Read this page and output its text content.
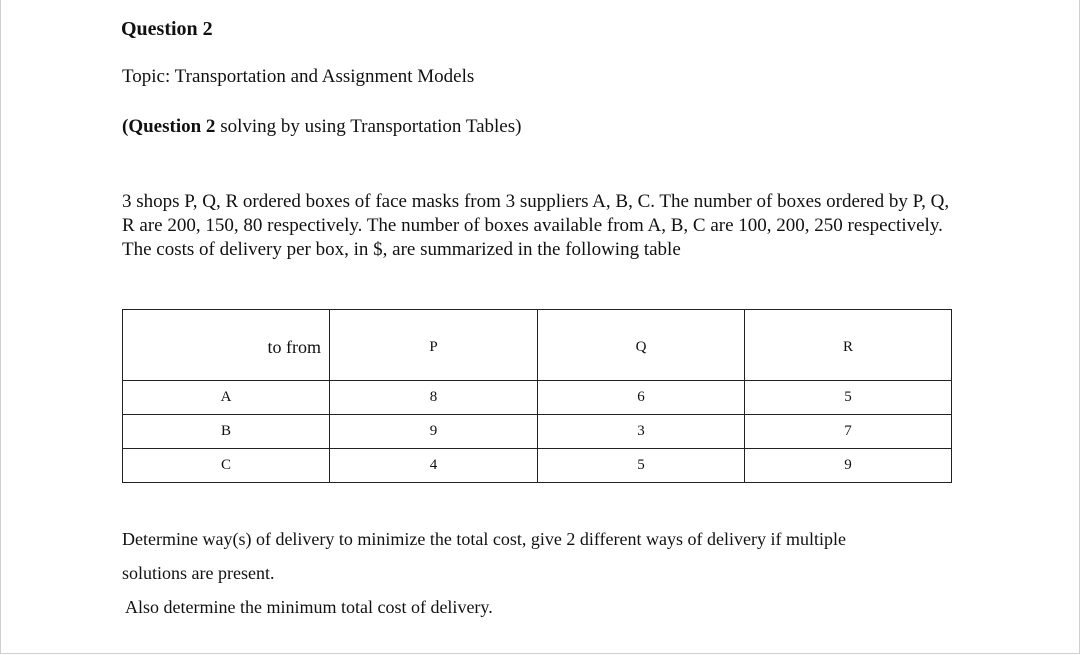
Question 2
Topic: Transportation and Assignment Models
(Question 2 solving by using Transportation Tables)
3 shops P, Q, R ordered boxes of face masks from 3 suppliers A, B, C. The number of boxes ordered by P, Q, R are 200, 150, 80 respectively. The number of boxes available from A, B, C are 100, 200, 250 respectively. The costs of delivery per box, in $, are summarized in the following table
to from	P	Q	R

A	8	6	5
B	9	3	7
C	4	5	9

Determine way(s) of delivery to minimize the total cost, give 2 different ways of delivery if multiple

solutions are present.

Also determine the minimum total cost of delivery.
